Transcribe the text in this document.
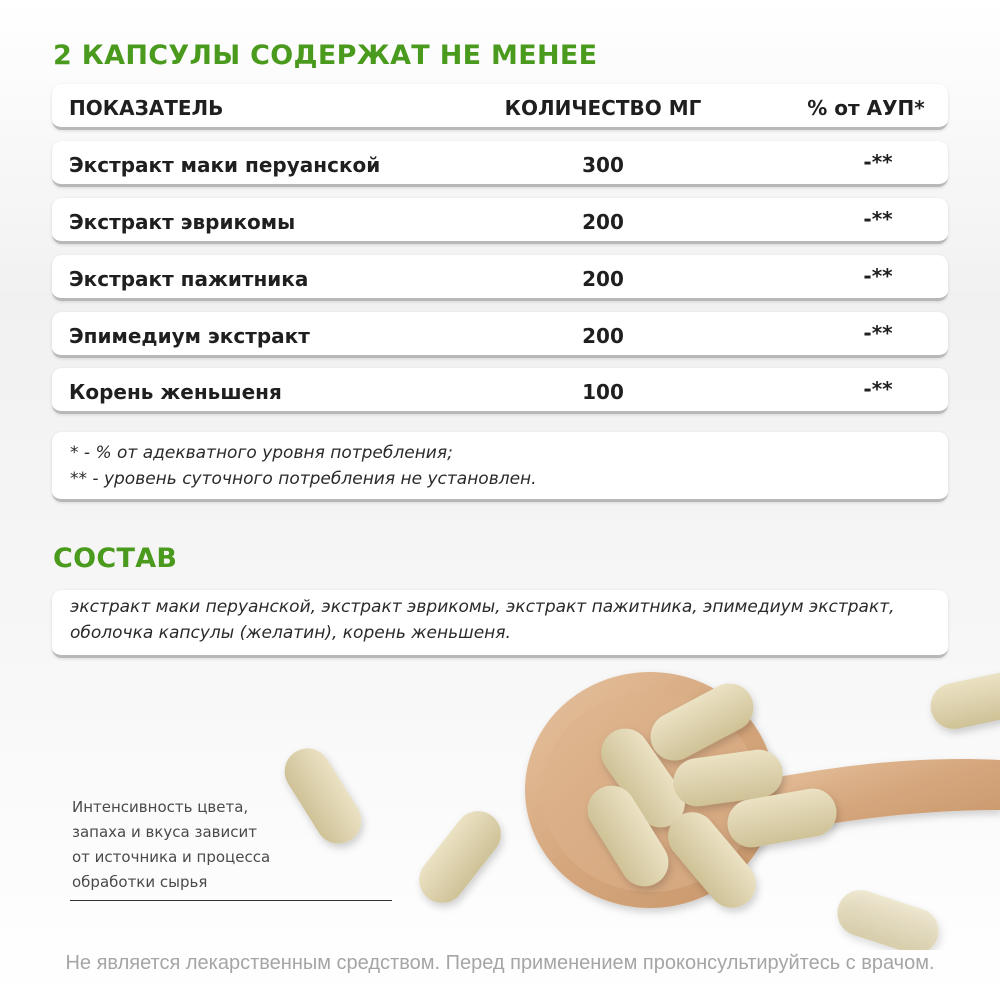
2 КАПСУЛЫ СОДЕРЖАТ НЕ МЕНЕЕ
ПОКАЗАТЕЛЬ	КОЛИЧЕСТВО МГ	% от АУП*
Экстракт маки перуанской	300	-**
Экстракт эврикомы	200	-**
Экстракт пажитника	200	-**
Эпимедиум экстракт	200	-**
Корень женьшеня	100	-**
* - % от адекватного уровня потребления;
** - уровень суточного потребления не установлен.
СОСТАВ
экстракт маки перуанской, экстракт эврикомы, экстракт пажитника, эпимедиум экстракт,
оболочка капсулы (желатин), корень женьшеня.
Интенсивность цвета,
запаха и вкуса зависит
от источника и процесса
обработки сырья
Не является лекарственным средством. Перед применением проконсультируйтесь с врачом.
